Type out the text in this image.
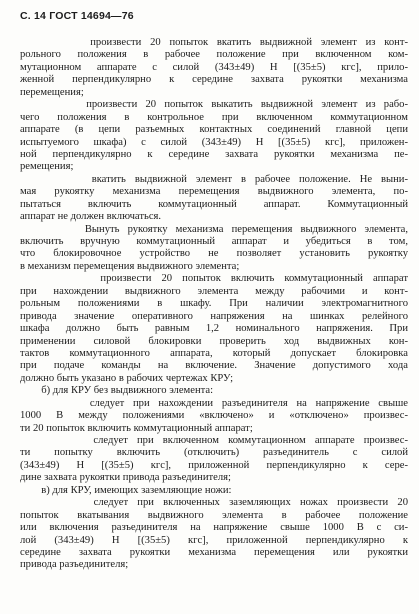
С. 14 ГОСТ 14694—76
произвести 20 попыток вкатить выдвижной элемент из конт-
рольного положения в рабочее положение при включенном ком-
мутационном аппарате с силой (343±49) Н [(35±5) кгс], прило-
женной перпендикулярно к середине захвата рукоятки механизма
перемещения;
произвести 20 попыток выкатить выдвижной элемент из рабо-
чего положения в контрольное при включенном коммутационном
аппарате (в цепи разъемных контактных соединений главной цепи
испытуемого шкафа) с силой (343±49) Н [(35±5) кгс], приложен-
ной перпендикулярно к середине захвата рукоятки механизма пе-
ремещения;
вкатить выдвижной элемент в рабочее положение. Не выни-
мая рукоятку механизма перемещения выдвижного элемента, по-
пытаться включить коммутационный аппарат. Коммутационный
аппарат не должен включаться.
Вынуть рукоятку механизма перемещения выдвижного элемента,
включить вручную коммутационный аппарат и убедиться в том,
что блокировочное устройство не позволяет установить рукоятку
в механизм перемещения выдвижного элемента;
произвести 20 попыток включить коммутационный аппарат
при нахождении выдвижного элемента между рабочими и конт-
рольным положениями в шкафу. При наличии электромагнитного
привода значение оперативного напряжения на шинках релейного
шкафа должно быть равным 1,2 номинального напряжения. При
применении силовой блокировки проверить ход выдвижных кон-
тактов коммутационного аппарата, который допускает блокировка
при подаче команды на включение. Значение допустимого хода
должно быть указано в рабочих чертежах КРУ;
б) для КРУ без выдвижного элемента:
следует при нахождении разъединителя на напряжение свыше
1000 В между положениями «включено» и «отключено» произвес-
ти 20 попыток включить коммутационный аппарат;
следует при включенном коммутационном аппарате произвес-
ти попытку включить (отключить) разъединитель с силой
(343±49) Н [(35±5) кгс], приложенной перпендикулярно к сере-
дине захвата рукоятки привода разъединителя;
в) для КРУ, имеющих заземляющие ножи:
следует при включенных заземляющих ножах произвести 20
попыток вкатывания выдвижного элемента в рабочее положение
или включения разъединителя на напряжение свыше 1000 В с си-
лой (343±49) Н [(35±5) кгс], приложенной перпендикулярно к
середине захвата рукоятки механизма перемещения или рукоятки
привода разъединителя;
